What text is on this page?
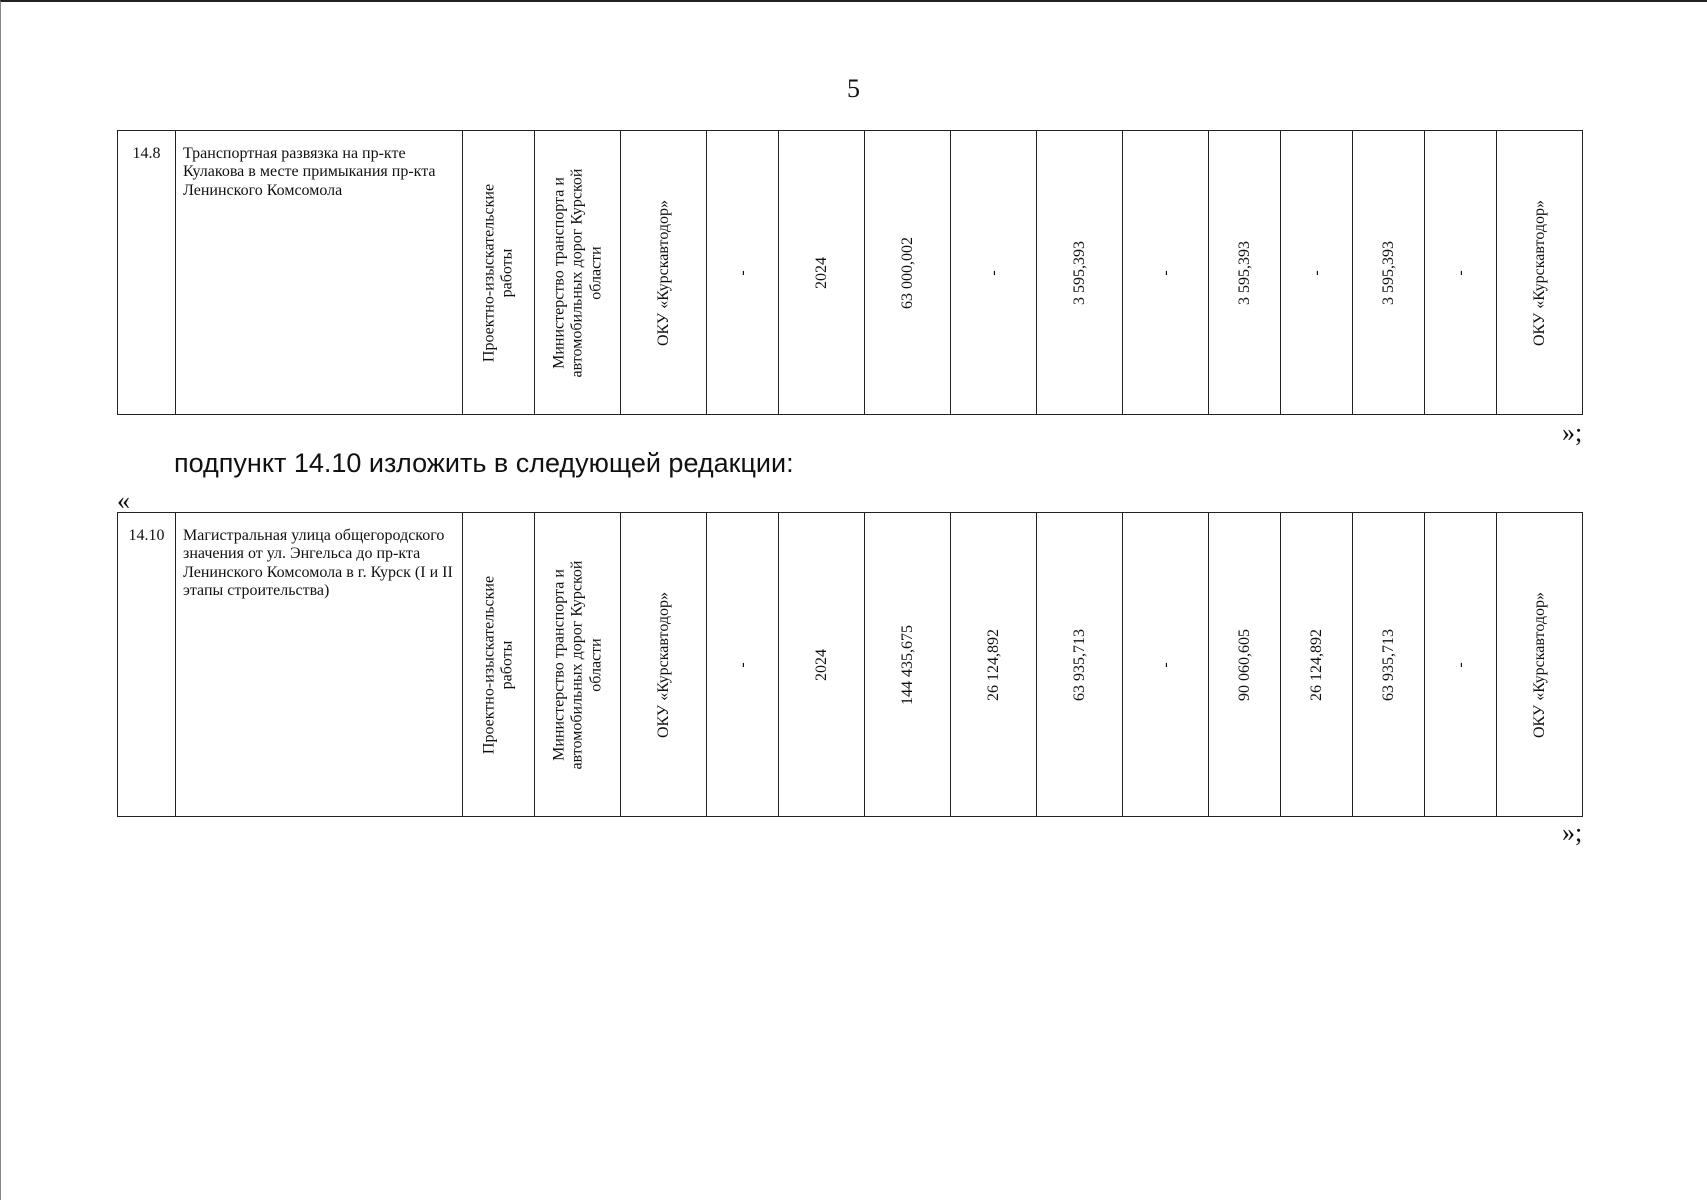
5
14.8	Транспортная развязка на пр-кте Кулакова в месте примыкания пр-кта Ленинского Комсомола	Проектно-изыскательские работы	Министерство транспорта и автомобильных дорог Курской области	ОКУ «Курскавтодор»	-	2024	63 000,002	-	3 595,393	-	3 595,393	-	3 595,393	-	ОКУ «Курскавтодор»
»;
подпункт 14.10 изложить в следующей редакции:
«
14.10	Магистральная улица общегородского значения от ул. Энгельса до пр-кта Ленинского Комсомола в г. Курск (I и II этапы строительства)	Проектно-изыскательские работы	Министерство транспорта и автомобильных дорог Курской области	ОКУ «Курскавтодор»	-	2024	144 435,675	26 124,892	63 935,713	-	90 060,605	26 124,892	63 935,713	-	ОКУ «Курскавтодор»
»;
